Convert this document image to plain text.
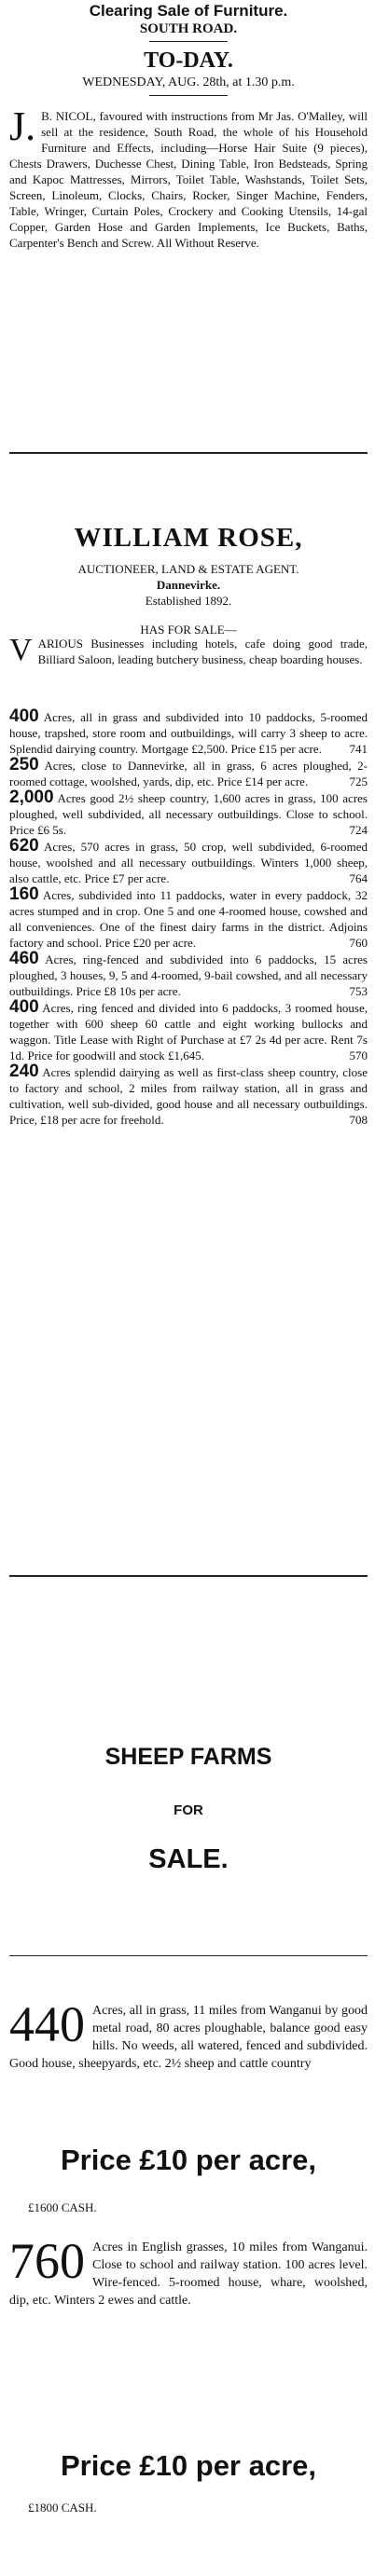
Clearing Sale of Furniture.
SOUTH ROAD.
TO-DAY.
WEDNESDAY, AUG. 28th, at 1.30 p.m.
J. B. NICOL, favoured with instructions from Mr Jas. O'Malley, will sell at the residence, South Road, the whole of his Household Furniture and Effects, including—Horse Hair Suite (9 pieces), Chests Drawers, Duchesse Chest, Dining Table, Iron Bedsteads, Spring and Kapoc Mattresses, Mirrors, Toilet Table, Washstands, Toilet Sets, Screen, Linoleum, Clocks, Chairs, Rocker, Singer Machine, Fenders, Table, Wringer, Curtain Poles, Crockery and Cooking Utensils, 14-gal Copper, Garden Hose and Garden Implements, Ice Buckets, Baths, Carpenter's Bench and Screw. All Without Reserve.
WILLIAM ROSE,
AUCTIONEER, LAND & ESTATE AGENT.
Dannevirke.
Established 1892.
HAS FOR SALE—
V ARIOUS Businesses including hotels, cafe doing good trade, Billiard Saloon, leading butchery business, cheap boarding houses.
400 Acres, all in grass and subdivided into 10 paddocks, 5-roomed house, trapshed, store room and outbuildings, will carry 3 sheep to acre. Splendid dairying country. Mortgage £2,500. Price £15 per acre. 741
250 Acres, close to Dannevirke, all in grass, 6 acres ploughed, 2-roomed cottage, woolshed, yards, dip, etc. Price £14 per acre.	725
2,000 Acres good 2½ sheep country, 1,600 acres in grass, 100 acres ploughed, well subdivided, all necessary outbuildings. Close to school. Price £6 5s.	724
620 Acres, 570 acres in grass, 50 crop, well subdivided, 6-roomed house, woolshed and all necessary outbuildings. Winters 1,000 sheep, also cattle, etc. Price £7 per acre.	764
160 Acres, subdivided into 11 paddocks, water in every paddock, 32 acres stumped and in crop. One 5 and one 4-roomed house, cowshed and all conveniences. One of the finest dairy farms in the district. Adjoins factory and school. Price £20 per acre.	760
460 Acres, ring-fenced and subdivided into 6 paddocks, 15 acres ploughed, 3 houses, 9, 5 and 4-roomed, 9-bail cowshed, and all necessary outbuildings. Price £8 10s per acre.	753
400 Acres, ring fenced and divided into 6 paddocks, 3 roomed house, together with 600 sheep 60 cattle and eight working bullocks and waggon. Title Lease with Right of Purchase at £7 2s 4d per acre. Rent 7s 1d. Price for goodwill and stock £1,645.	570
240 Acres splendid dairying as well as first-class sheep country, close to factory and school, 2 miles from railway station, all in grass and cultivation, well sub-divided, good house and all necessary outbuildings. Price, £18 per acre for freehold.	708
SHEEP FARMS
FOR
SALE.
440 Acres, all in grass, 11 miles from Wanganui by good metal road, 80 acres ploughable, balance good easy hills. No weeds, all watered, fenced and subdivided. Good house, sheepyards, etc. 2½ sheep and cattle country
Price £10 per acre,
£1600 CASH.
760 Acres in English grasses, 10 miles from Wanganui. Close to school and railway station. 100 acres level. Wire-fenced. 5-roomed house, whare, woolshed, dip, etc. Winters 2 ewes and cattle.
Price £10 per acre,
£1800 CASH.
